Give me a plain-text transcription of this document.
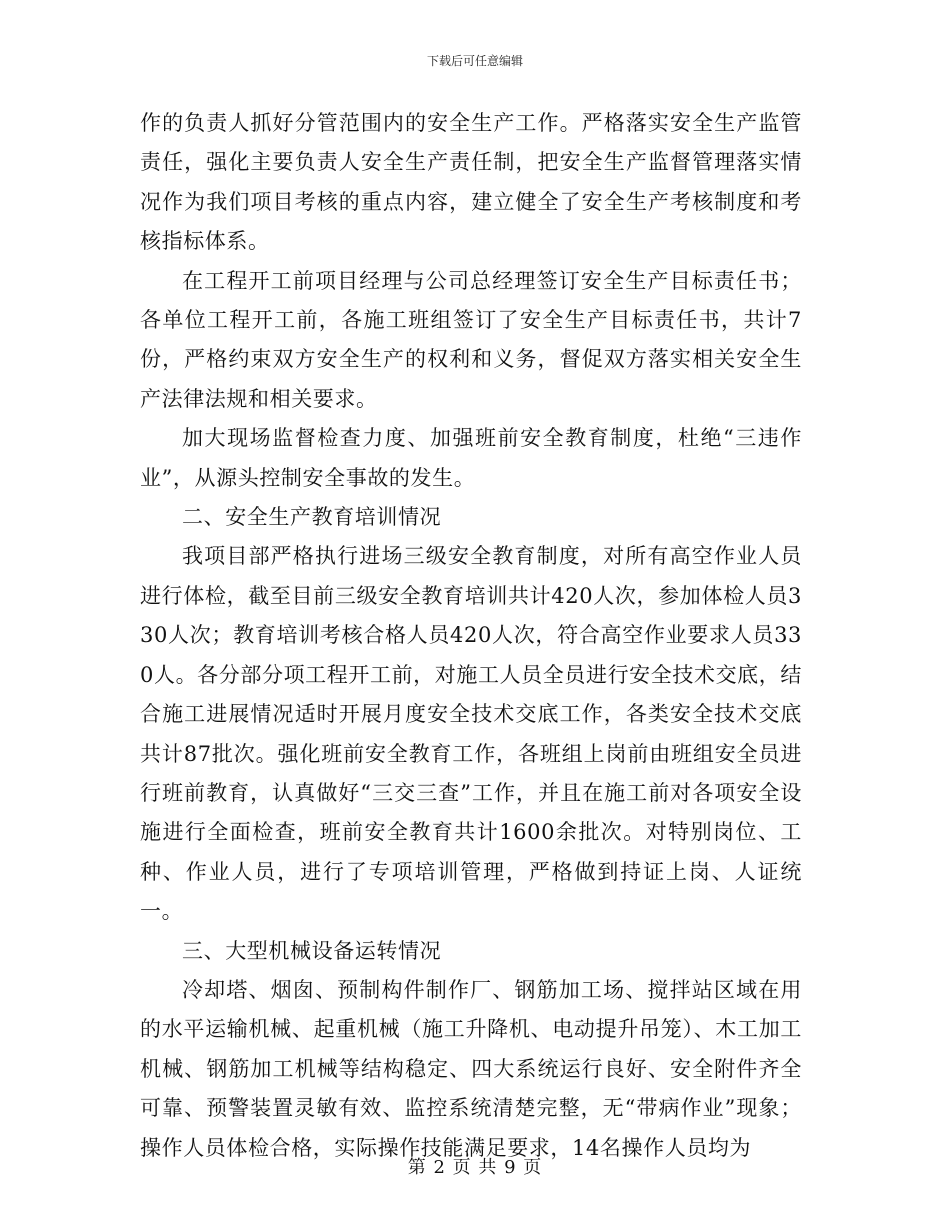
下载后可任意编辑

作的负责人抓好分管范围内的安全生产工作。严格落实安全生产监管责任，强化主要负责人安全生产责任制，把安全生产监督管理落实情况作为我们项目考核的重点内容，建立健全了安全生产考核制度和考核指标体系。

在工程开工前项目经理与公司总经理签订安全生产目标责任书；各单位工程开工前，各施工班组签订了安全生产目标责任书，共计7份，严格约束双方安全生产的权利和义务，督促双方落实相关安全生产法律法规和相关要求。

加大现场监督检查力度、加强班前安全教育制度，杜绝“三违作业”，从源头控制安全事故的发生。

二、安全生产教育培训情况

我项目部严格执行进场三级安全教育制度，对所有高空作业人员进行体检，截至目前三级安全教育培训共计420人次，参加体检人员330人次；教育培训考核合格人员420人次，符合高空作业要求人员330人。各分部分项工程开工前，对施工人员全员进行安全技术交底，结合施工进展情况适时开展月度安全技术交底工作，各类安全技术交底共计87批次。强化班前安全教育工作，各班组上岗前由班组安全员进行班前教育，认真做好“三交三查”工作，并且在施工前对各项安全设施进行全面检查，班前安全教育共计1600余批次。对特别岗位、工种、作业人员，进行了专项培训管理，严格做到持证上岗、人证统一。

三、大型机械设备运转情况

冷却塔、烟囱、预制构件制作厂、钢筋加工场、搅拌站区域在用的水平运输机械、起重机械（施工升降机、电动提升吊笼）、木工加工机械、钢筋加工机械等结构稳定、四大系统运行良好、安全附件齐全可靠、预警装置灵敏有效、监控系统清楚完整，无“带病作业”现象；操作人员体检合格，实际操作技能满足要求，14名操作人员均为

第 2 页 共 9 页
